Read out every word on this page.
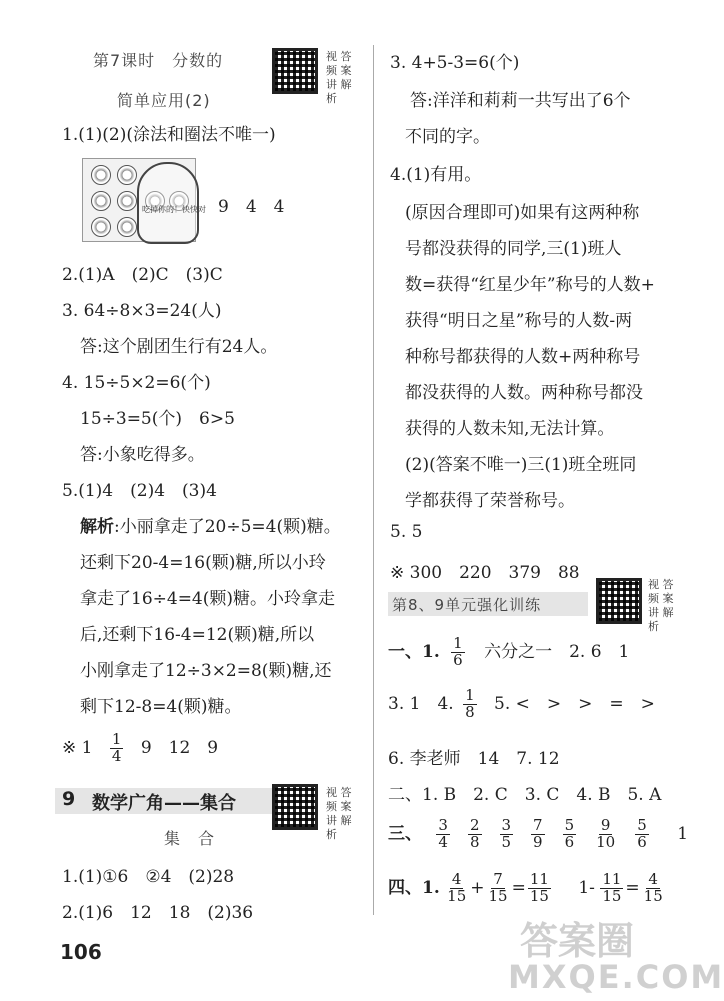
第7课时　分数的
简单应用(2)
视 答
频 案
讲 解
析
1.(1)(2)(涂法和圈法不唯一)
吃掉你的！快快对 9　4　4
2.(1)A　(2)C　(3)C
3. 64÷8×3=24(人)
答:这个剧团生行有24人。
4. 15÷5×2=6(个)
15÷3=5(个)　6>5
答:小象吃得多。
5.(1)4　(2)4　(3)4
解析:小丽拿走了20÷5=4(颗)糖。
还剩下20-4=16(颗)糖,所以小玲
拿走了16÷4=4(颗)糖。小玲拿走
后,还剩下16-4=12(颗)糖,所以
小刚拿走了12÷3×2=8(颗)糖,还
剩下12-8=4(颗)糖。
※ $1 \frac{1}{4} 9$　12　9
9 数学广角——集合
视 答
频 案
讲 解
析
集　合
1.(1)①6　②4　(2)28
2.(1)6　12　18　(2)36
106
3. 4+5-3=6(个)
答:洋洋和莉莉一共写出了6个
不同的字。
4.(1)有用。
(原因合理即可)如果有这两种称
号都没获得的同学,三(1)班人
数=获得“红星少年”称号的人数+
获得“明日之星”称号的人数-两
种称号都获得的人数+两种称号
都没获得的人数。两种称号都没
获得的人数未知,无法计算。
(2)(答案不唯一)三(1)班全班同
学都获得了荣誉称号。
5. 5
※ 300　220　379　88
第8、9单元强化训练
视 答
频 案
讲 解
析
一、1. $\frac{1}{6}$ 六分之一　2. 6　1
3. 1　4. $\frac{1}{8} 5$. <　>　>　=　>
6. 李老师　14　7. 12
二、1. B　2. C　3. C　4. B　5. A
三、 $\frac{3}{4} \frac{2}{8} \frac{3}{5} \frac{7}{9} \frac{5}{6} \frac{9}{10} \frac{5}{6} 1$
四、1. $\frac{4}{15} + \frac{7}{15} = \frac{11}{15} 1- \frac{11}{15} = \frac{4}{15}$
答案圈
MXQE.COM
